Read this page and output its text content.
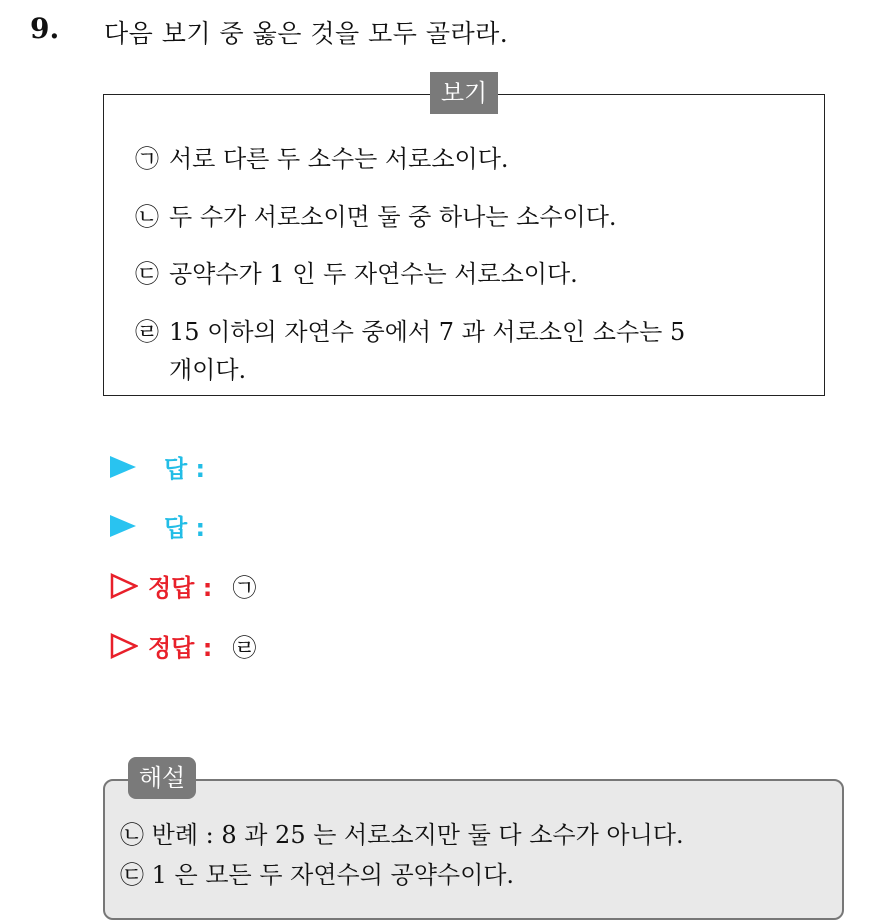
9. 다음 보기 중 옳은 것을 모두 골라라.
보기
㉠ 서로 다른 두 소수는 서로소이다.
㉡ 두 수가 서로소이면 둘 중 하나는 소수이다.
㉢ 공약수가 1 인 두 자연수는 서로소이다.
㉣ 15 이하의 자연수 중에서 7 과 서로소인 소수는 5
개이다.
답 :
답 :
정답 : ㉠
정답 : ㉣
해설
㉡ 반례 : 8 과 25 는 서로소지만 둘 다 소수가 아니다.
㉢ 1 은 모든 두 자연수의 공약수이다.
